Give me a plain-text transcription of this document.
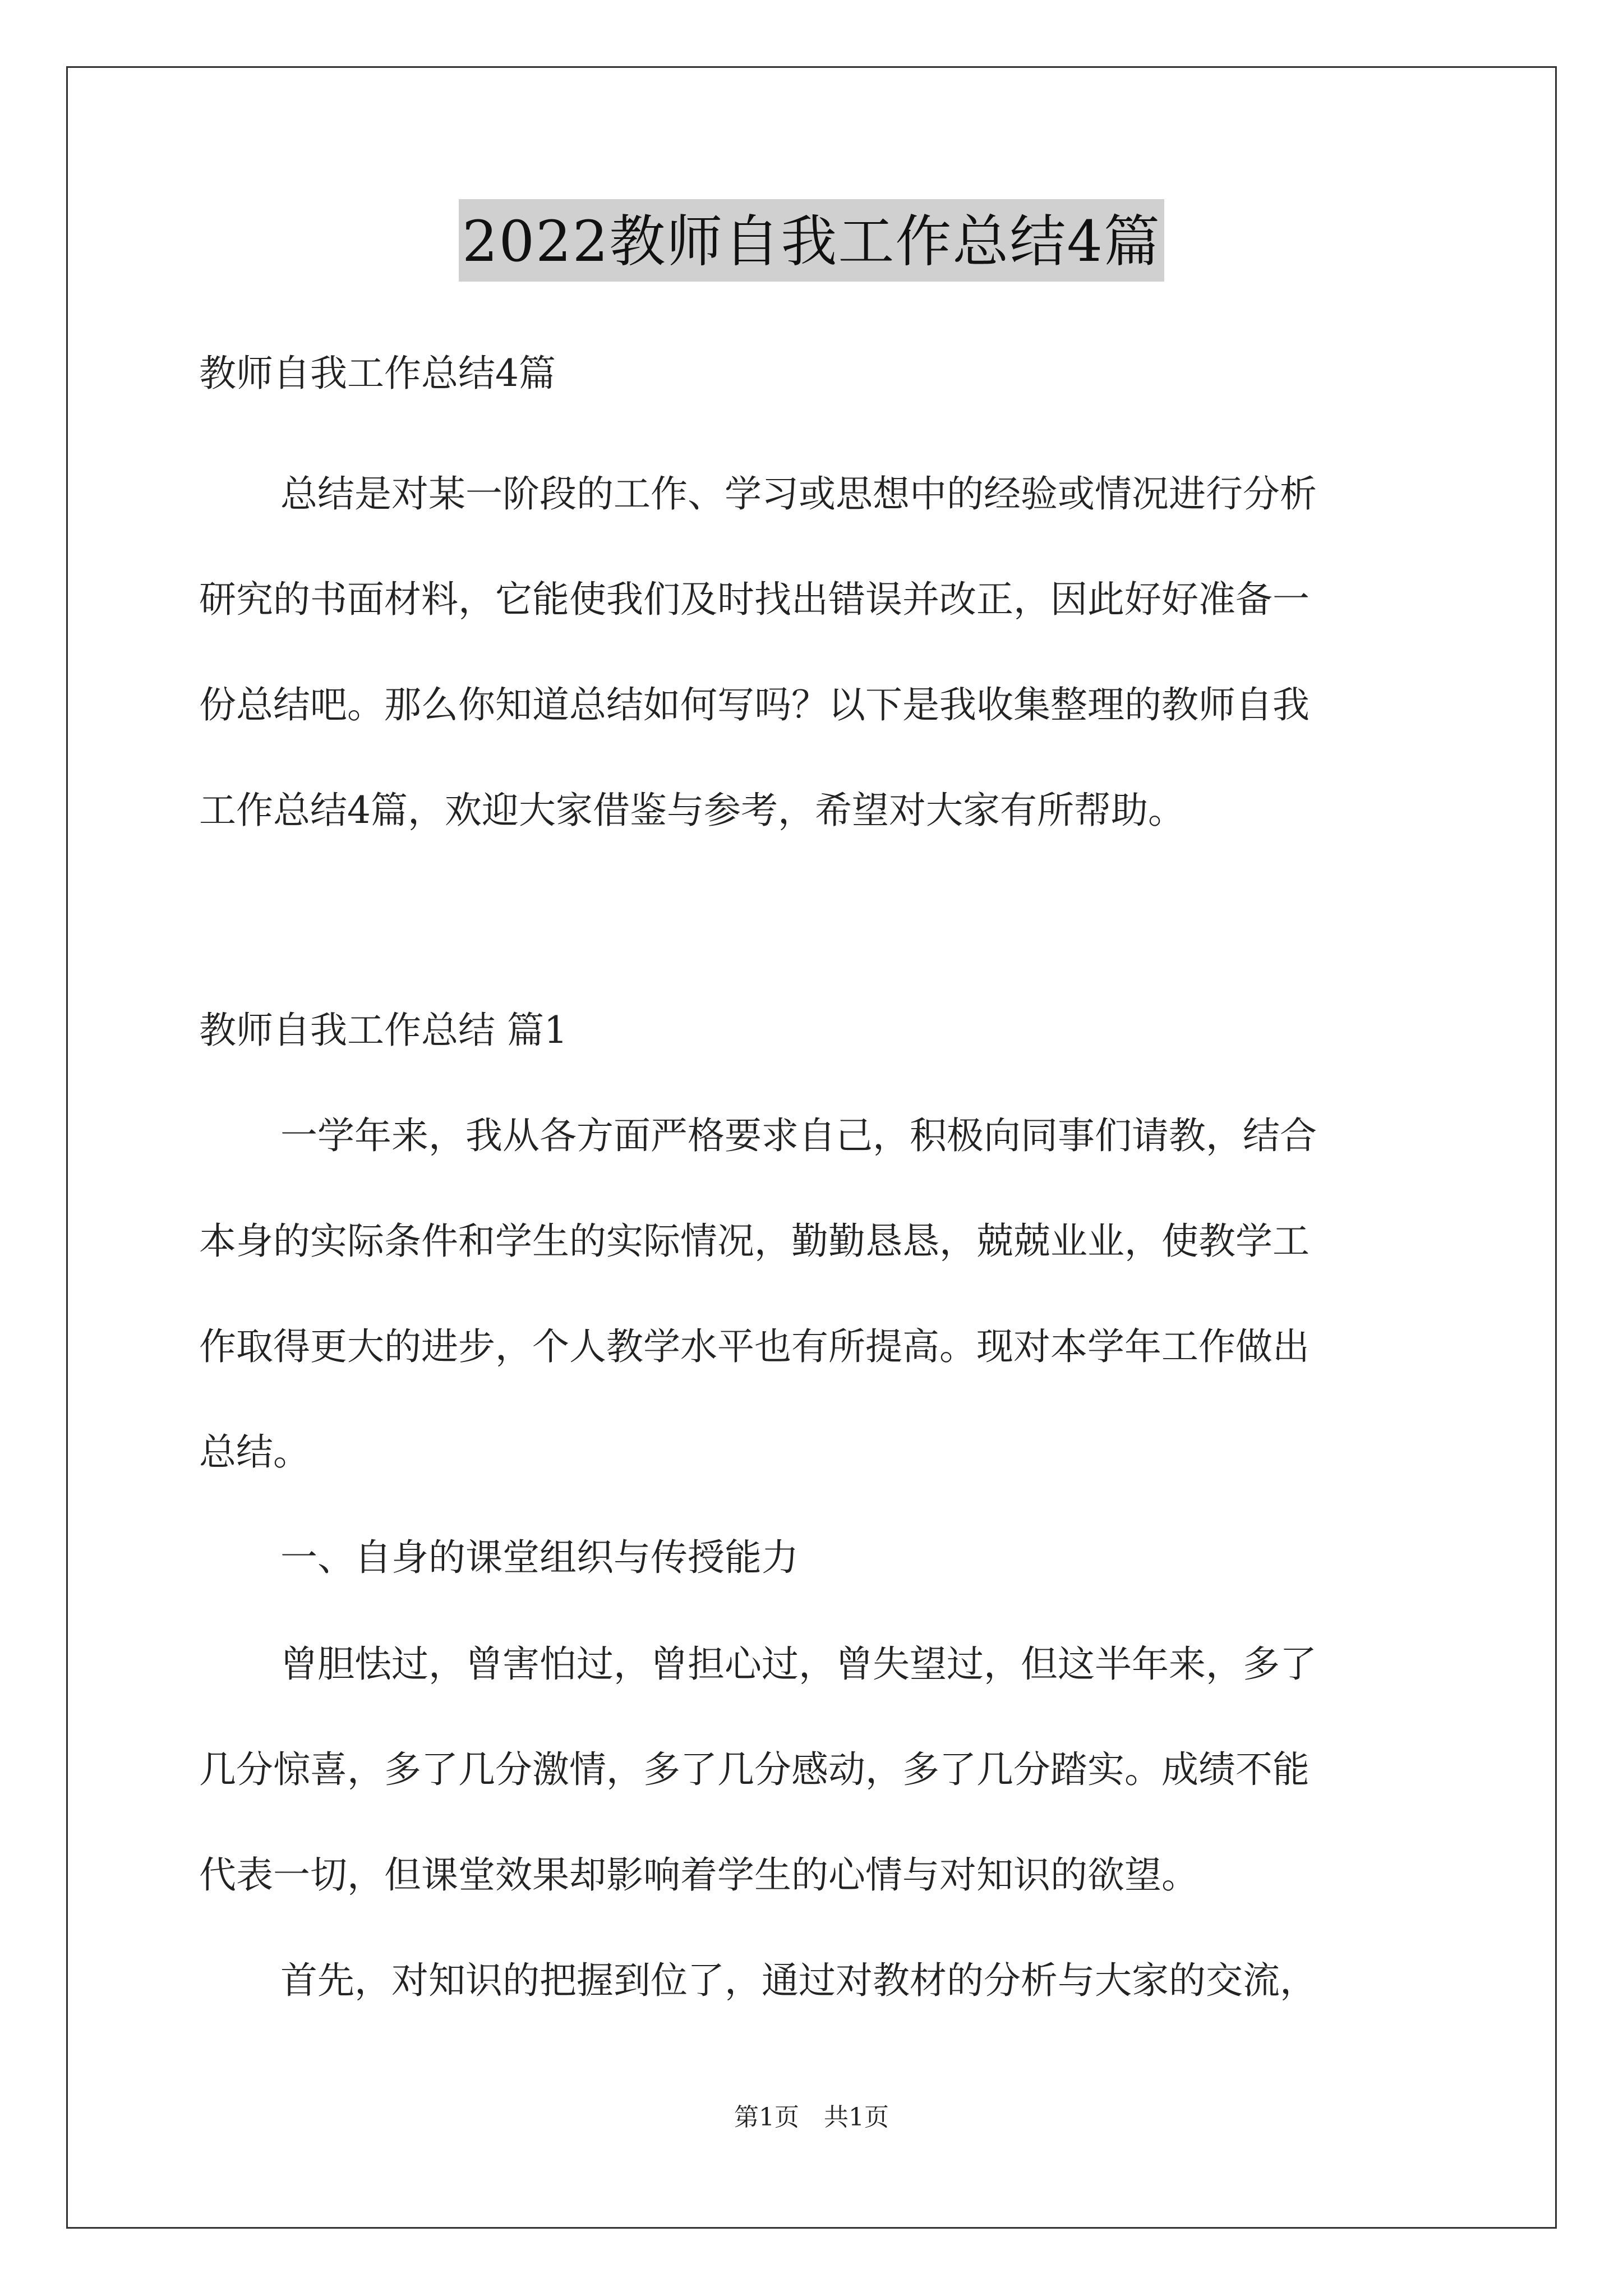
2022教师自我工作总结4篇

教师自我工作总结4篇

总结是对某一阶段的工作、学习或思想中的经验或情况进行分析

研究的书面材料，它能使我们及时找出错误并改正，因此好好准备一

份总结吧。那么你知道总结如何写吗？以下是我收集整理的教师自我

工作总结4篇，欢迎大家借鉴与参考，希望对大家有所帮助。

教师自我工作总结 篇1

一学年来，我从各方面严格要求自己，积极向同事们请教，结合

本身的实际条件和学生的实际情况，勤勤恳恳，兢兢业业，使教学工

作取得更大的进步，个人教学水平也有所提高。现对本学年工作做出

总结。

一、自身的课堂组织与传授能力

曾胆怯过，曾害怕过，曾担心过，曾失望过，但这半年来，多了

几分惊喜，多了几分激情，多了几分感动，多了几分踏实。成绩不能

代表一切，但课堂效果却影响着学生的心情与对知识的欲望。

首先，对知识的把握到位了，通过对教材的分析与大家的交流，

第1页　共1页
